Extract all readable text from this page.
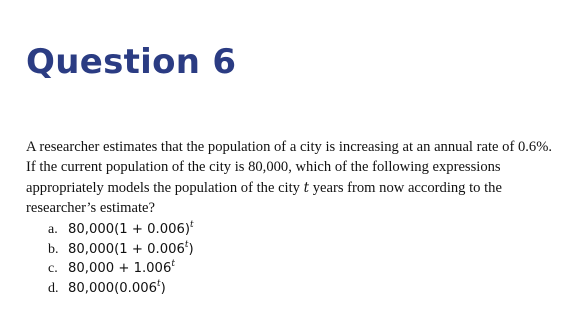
Question 6

A researcher estimates that the population of a city is increasing at an annual rate of 0.6%. If the current population of the city is 80,000, which of the following expressions appropriately models the population of the city t years from now according to the researcher’s estimate?

a. $80,000(1 + 0.006)^t$
b. $80,000(1 + 0.006^t)$
c. $80,000 + 1.006^t$
d. 80,000(0.006$^t$)
